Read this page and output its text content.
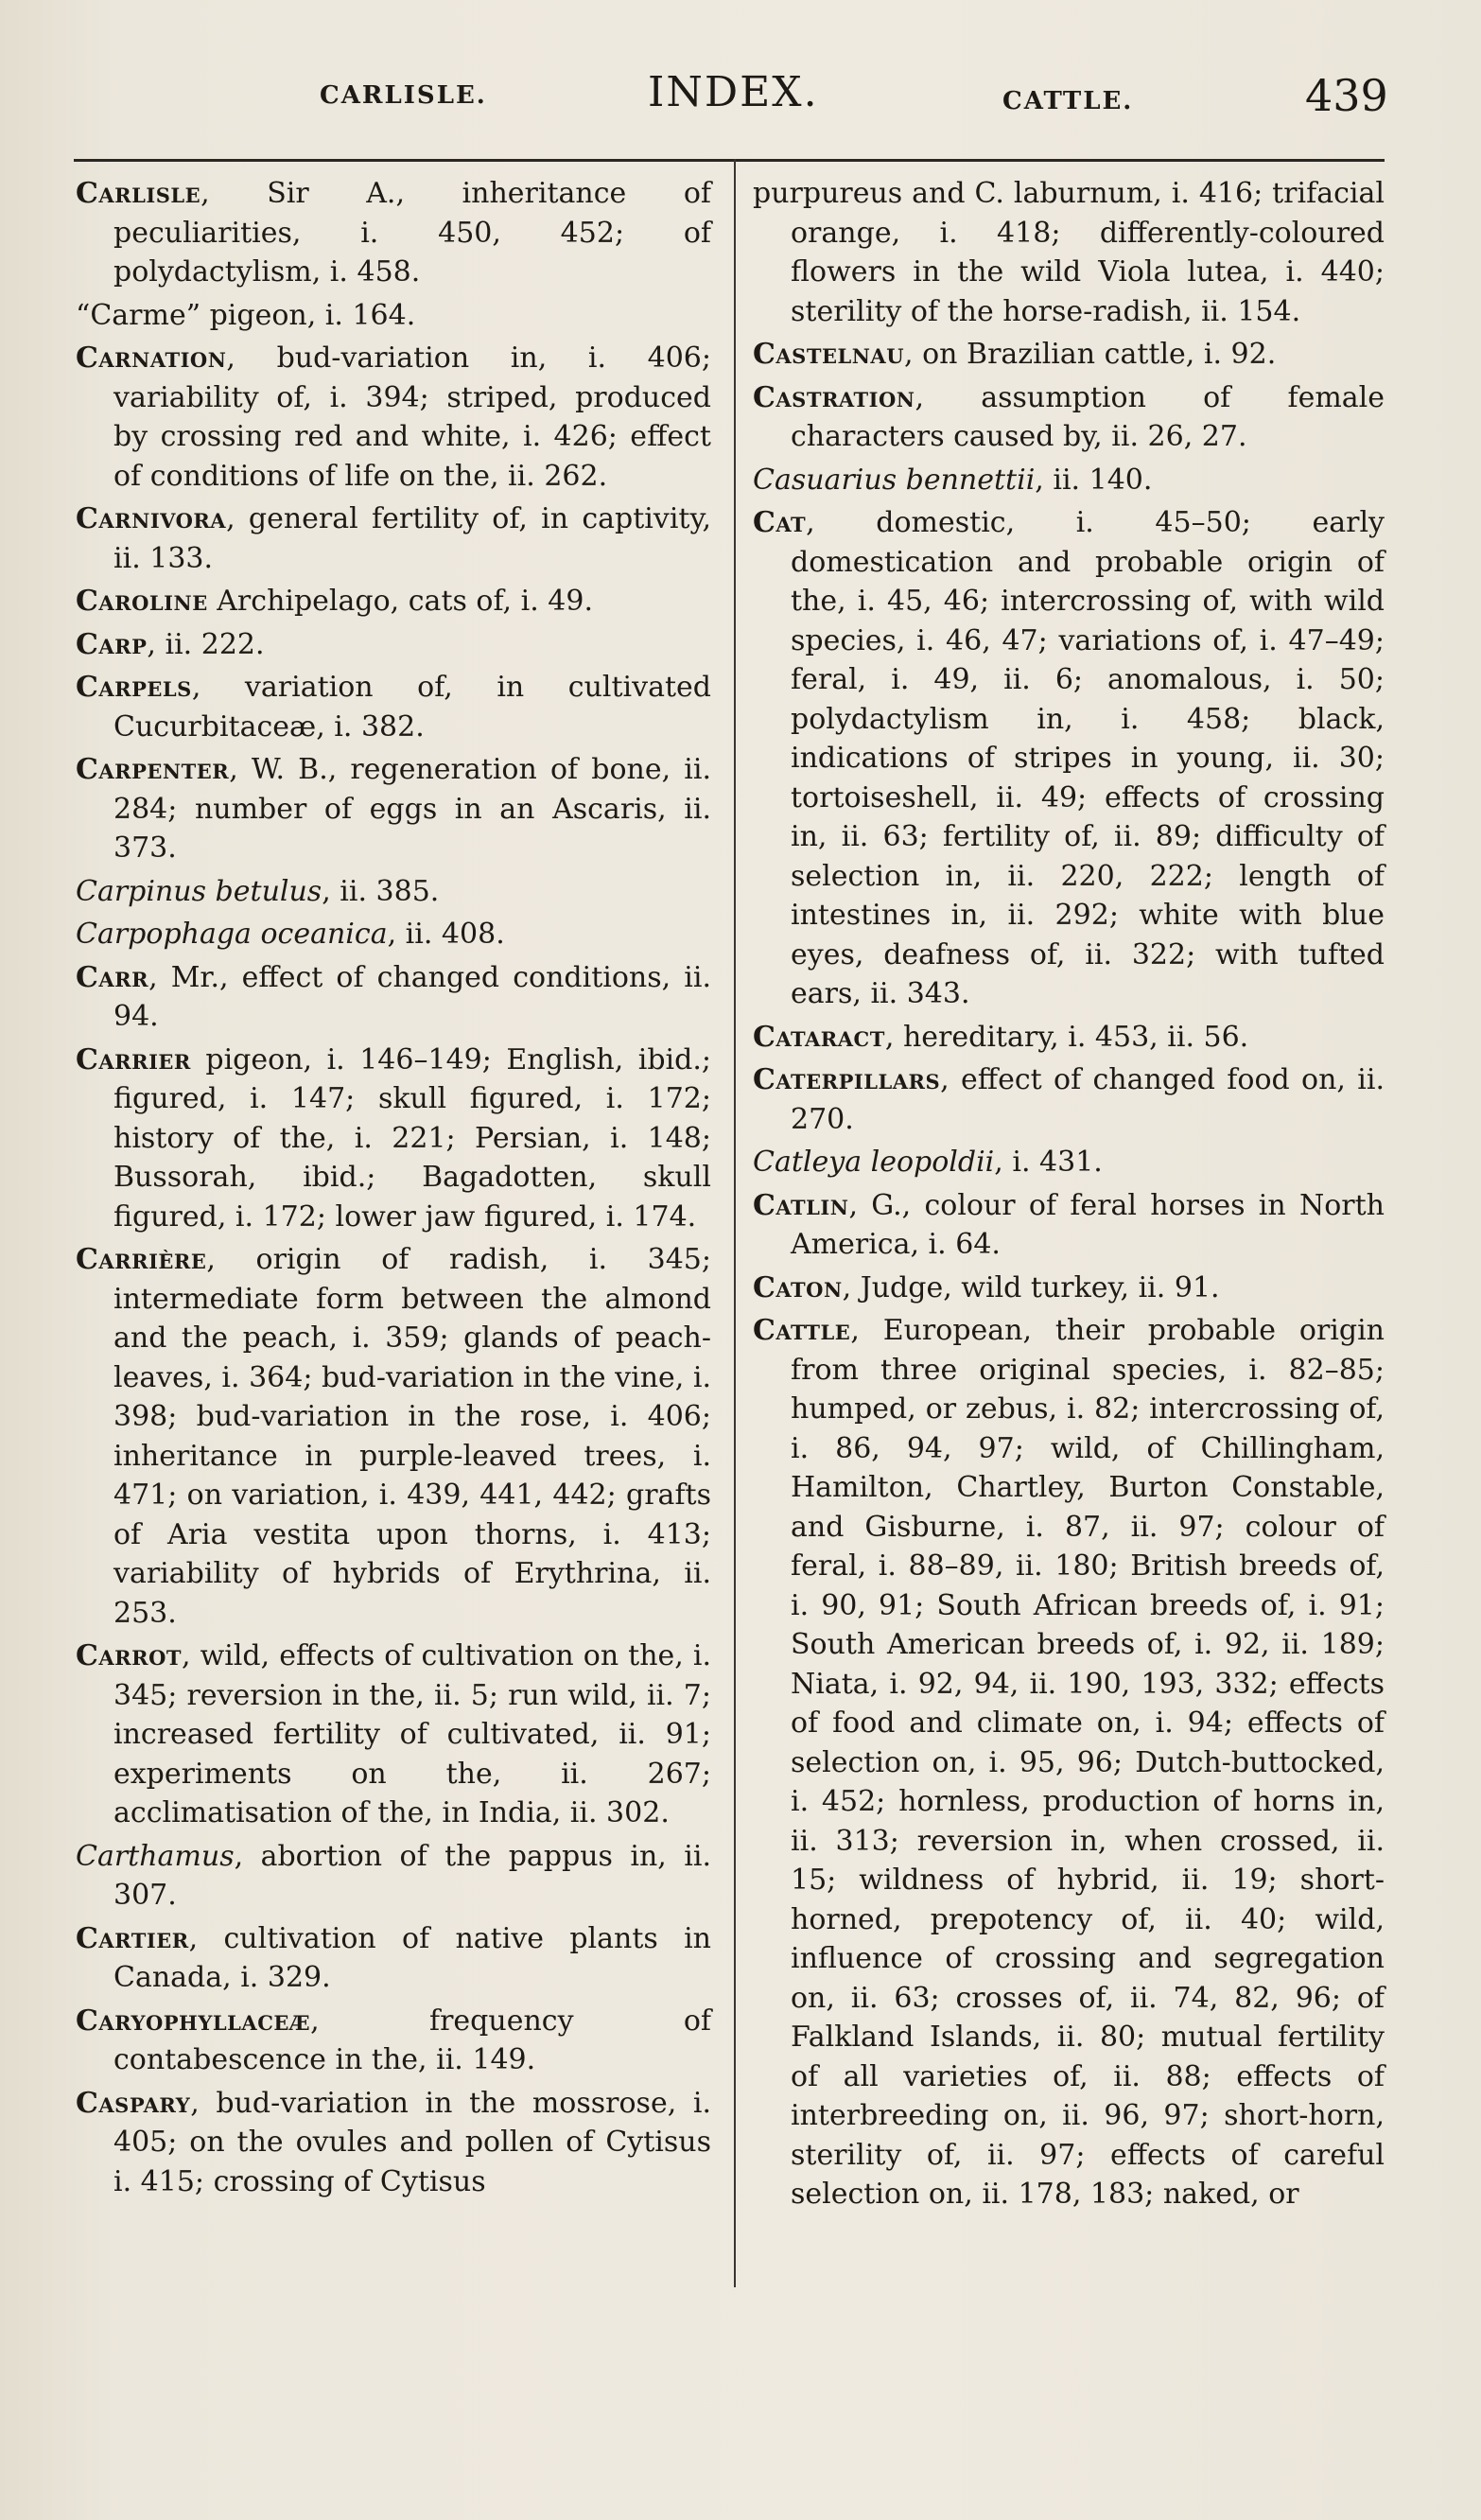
CARLISLE.	INDEX.	CATTLE.	439

Carlisle, Sir A., inheritance of peculiarities, i. 450, 452; of polydactylism, i. 458.

“Carme” pigeon, i. 164.

Carnation, bud-variation in, i. 406; variability of, i. 394; striped, produced by crossing red and white, i. 426; effect of conditions of life on the, ii. 262.

Carnivora, general fertility of, in captivity, ii. 133.

Caroline Archipelago, cats of, i. 49.

Carp, ii. 222.

Carpels, variation of, in cultivated Cucurbitaceæ, i. 382.

Carpenter, W. B., regeneration of bone, ii. 284; number of eggs in an Ascaris, ii. 373.

Carpinus betulus, ii. 385.

Carpophaga oceanica, ii. 408.

Carr, Mr., effect of changed conditions, ii. 94.

Carrier pigeon, i. 146–149; English, ibid.; figured, i. 147; skull figured, i. 172; history of the, i. 221; Persian, i. 148; Bussorah, ibid.; Bagadotten, skull figured, i. 172; lower jaw figured, i. 174.

Carrière, origin of radish, i. 345; intermediate form between the almond and the peach, i. 359; glands of peach-leaves, i. 364; bud-variation in the vine, i. 398; bud-variation in the rose, i. 406; inheritance in purple-leaved trees, i. 471; on variation, i. 439, 441, 442; grafts of Aria vestita upon thorns, i. 413; variability of hybrids of Erythrina, ii. 253.

Carrot, wild, effects of cultivation on the, i. 345; reversion in the, ii. 5; run wild, ii. 7; increased fertility of cultivated, ii. 91; experiments on the, ii. 267; acclimatisation of the, in India, ii. 302.

Carthamus, abortion of the pappus in, ii. 307.

Cartier, cultivation of native plants in Canada, i. 329.

Caryophyllaceæ, frequency of contabescence in the, ii. 149.

Caspary, bud-variation in the mossrose, i. 405; on the ovules and pollen of Cytisus i. 415; crossing of Cytisus

purpureus and C. laburnum, i. 416; trifacial orange, i. 418; differently-coloured flowers in the wild Viola lutea, i. 440; sterility of the horse-radish, ii. 154.

Castelnau, on Brazilian cattle, i. 92.

Castration, assumption of female characters caused by, ii. 26, 27.

Casuarius bennettii, ii. 140.

Cat, domestic, i. 45–50; early domestication and probable origin of the, i. 45, 46; intercrossing of, with wild species, i. 46, 47; variations of, i. 47–49; feral, i. 49, ii. 6; anomalous, i. 50; polydactylism in, i. 458; black, indications of stripes in young, ii. 30; tortoiseshell, ii. 49; effects of crossing in, ii. 63; fertility of, ii. 89; difficulty of selection in, ii. 220, 222; length of intestines in, ii. 292; white with blue eyes, deafness of, ii. 322; with tufted ears, ii. 343.

Cataract, hereditary, i. 453, ii. 56.

Caterpillars, effect of changed food on, ii. 270.

Catleya leopoldii, i. 431.

Catlin, G., colour of feral horses in North America, i. 64.

Caton, Judge, wild turkey, ii. 91.

Cattle, European, their probable origin from three original species, i. 82–85; humped, or zebus, i. 82; intercrossing of, i. 86, 94, 97; wild, of Chillingham, Hamilton, Chartley, Burton Constable, and Gisburne, i. 87, ii. 97; colour of feral, i. 88–89, ii. 180; British breeds of, i. 90, 91; South African breeds of, i. 91; South American breeds of, i. 92, ii. 189; Niata, i. 92, 94, ii. 190, 193, 332; effects of food and climate on, i. 94; effects of selection on, i. 95, 96; Dutch-buttocked, i. 452; hornless, production of horns in, ii. 313; reversion in, when crossed, ii. 15; wildness of hybrid, ii. 19; short-horned, prepotency of, ii. 40; wild, influence of crossing and segregation on, ii. 63; crosses of, ii. 74, 82, 96; of Falkland Islands, ii. 80; mutual fertility of all varieties of, ii. 88; effects of interbreeding on, ii. 96, 97; short-horn, sterility of, ii. 97; effects of careful selection on, ii. 178, 183; naked, or
